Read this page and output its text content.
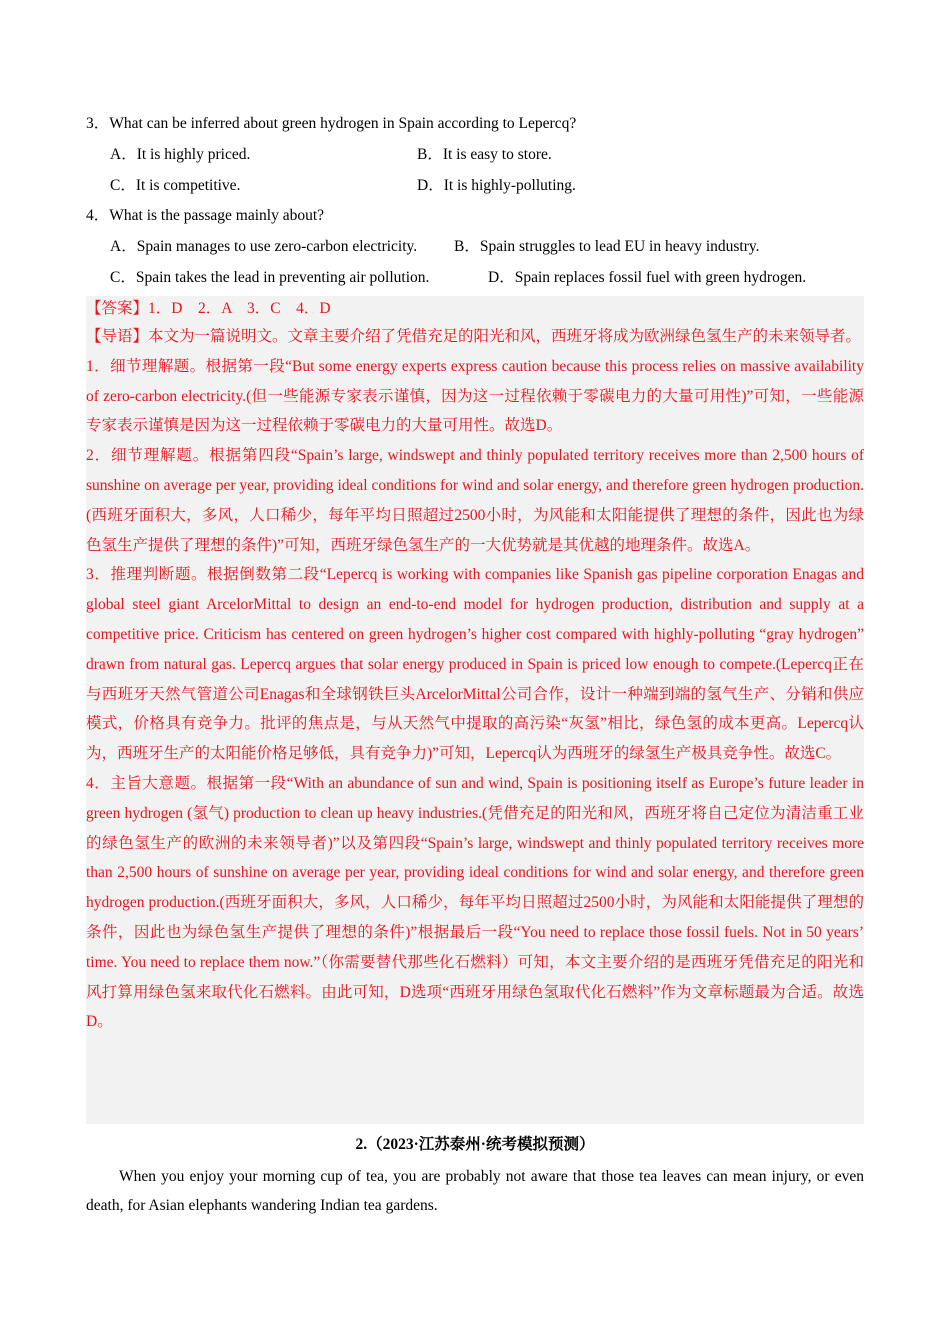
3．What can be inferred about green hydrogen in Spain according to Lepercq?
A．It is highly priced.	B．It is easy to store.
C．It is competitive.	D．It is highly-polluting.
4．What is the passage mainly about?
A．Spain manages to use zero-carbon electricity. B．Spain struggles to lead EU in heavy industry.
C．Spain takes the lead in preventing air pollution.	D．Spain replaces fossil fuel with green hydrogen.

【答案】1．D　2．A　3．C　4．D

【导语】本文为一篇说明文。文章主要介绍了凭借充足的阳光和风，西班牙将成为欧洲绿色氢生产的未来领导者。

1．细节理解题。根据第一段“But some energy experts express caution because this process relies on massive availability of zero-carbon electricity.(但一些能源专家表示谨慎，因为这一过程依赖于零碳电力的大量可用性)”可知，一些能源专家表示谨慎是因为这一过程依赖于零碳电力的大量可用性。故选D。

2．细节理解题。根据第四段“Spain’s large, windswept and thinly populated territory receives more than 2,500 hours of sunshine on average per year, providing ideal conditions for wind and solar energy, and therefore green hydrogen production.(西班牙面积大，多风，人口稀少，每年平均日照超过2500小时，为风能和太阳能提供了理想的条件，因此也为绿色氢生产提供了理想的条件)”可知，西班牙绿色氢生产的一大优势就是其优越的地理条件。故选A。

3．推理判断题。根据倒数第二段“Lepercq is working with companies like Spanish gas pipeline corporation Enagas and global steel giant ArcelorMittal to design an end-to-end model for hydrogen production, distribution and supply at a competitive price. Criticism has centered on green hydrogen’s higher cost compared with highly-polluting “gray hydrogen” drawn from natural gas. Lepercq argues that solar energy produced in Spain is priced low enough to compete.(Lepercq正在与西班牙天然气管道公司Enagas和全球钢铁巨头ArcelorMittal公司合作，设计一种端到端的氢气生产、分销和供应模式，价格具有竞争力。批评的焦点是，与从天然气中提取的高污染“灰氢”相比，绿色氢的成本更高。Lepercq认为，西班牙生产的太阳能价格足够低，具有竞争力)”可知，Lepercq认为西班牙的绿氢生产极具竞争性。故选C。

4．主旨大意题。根据第一段“With an abundance of sun and wind, Spain is positioning itself as Europe’s future leader in green hydrogen (氢气) production to clean up heavy industries.(凭借充足的阳光和风，西班牙将自己定位为清洁重工业的绿色氢生产的欧洲的未来领导者)”以及第四段“Spain’s large, windswept and thinly populated territory receives more than 2,500 hours of sunshine on average per year, providing ideal conditions for wind and solar energy, and therefore green hydrogen production.(西班牙面积大，多风，人口稀少，每年平均日照超过2500小时，为风能和太阳能提供了理想的条件，因此也为绿色氢生产提供了理想的条件)”根据最后一段“You need to replace those fossil fuels. Not in 50 years’ time. You need to replace them now.”（你需要替代那些化石燃料）可知，本文主要介绍的是西班牙凭借充足的阳光和风打算用绿色氢来取代化石燃料。由此可知，D选项“西班牙用绿色氢取代化石燃料”作为文章标题最为合适。故选D。

2.（2023·江苏泰州·统考模拟预测）

When you enjoy your morning cup of tea, you are probably not aware that those tea leaves can mean injury, or even death, for Asian elephants wandering Indian tea gardens.
